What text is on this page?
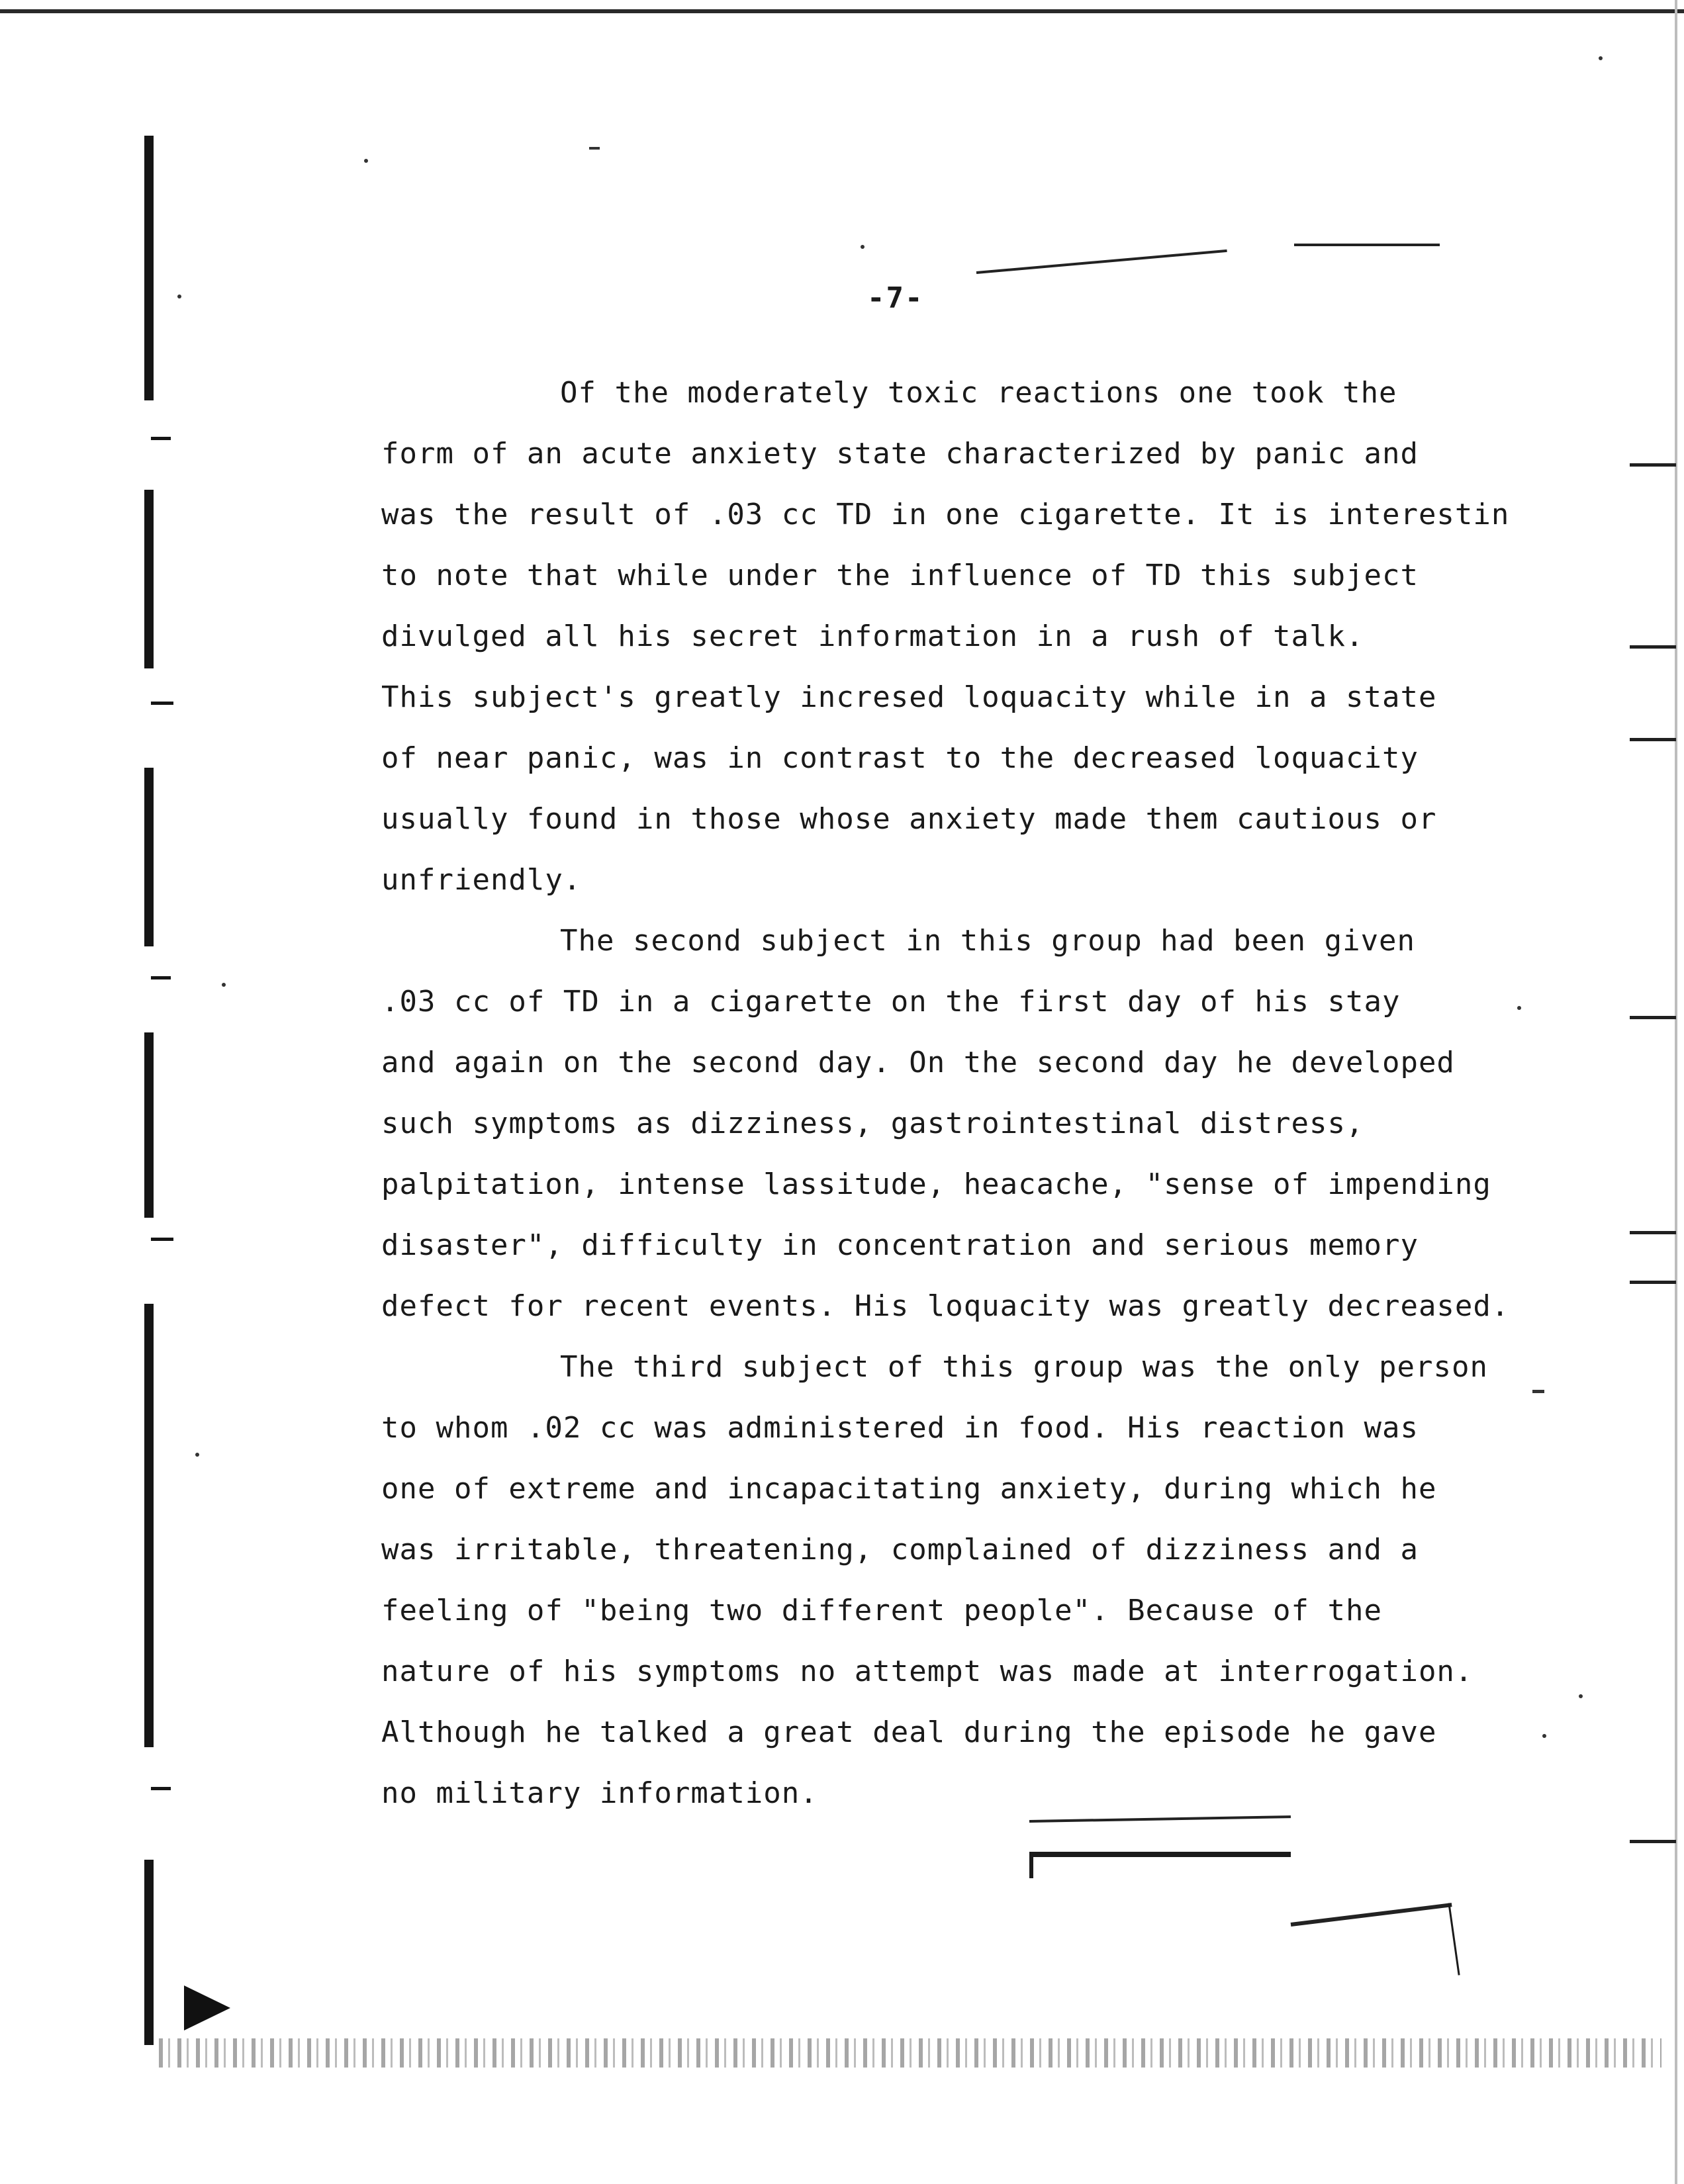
-7-
Of the moderately toxic reactions one took the
form of an acute anxiety state characterized by panic and
was the result of .03 cc TD in one cigarette. It is interestin
to note that while under the influence of TD this subject
divulged all his secret information in a rush of talk.
This subject's greatly incresed loquacity while in a state
of near panic, was in contrast to the decreased loquacity
usually found in those whose anxiety made them cautious or
unfriendly.
The second subject in this group had been given
.03 cc of TD in a cigarette on the first day of his stay
and again on the second day. On the second day he developed
such symptoms as dizziness, gastrointestinal distress,
palpitation, intense lassitude, heacache, "sense of impending
disaster", difficulty in concentration and serious memory
defect for recent events. His loquacity was greatly decreased.
The third subject of this group was the only person
to whom .02 cc was administered in food. His reaction was
one of extreme and incapacitating anxiety, during which he
was irritable, threatening, complained of dizziness and a
feeling of "being two different people". Because of the
nature of his symptoms no attempt was made at interrogation.
Although he talked a great deal during the episode he gave
no military information.
